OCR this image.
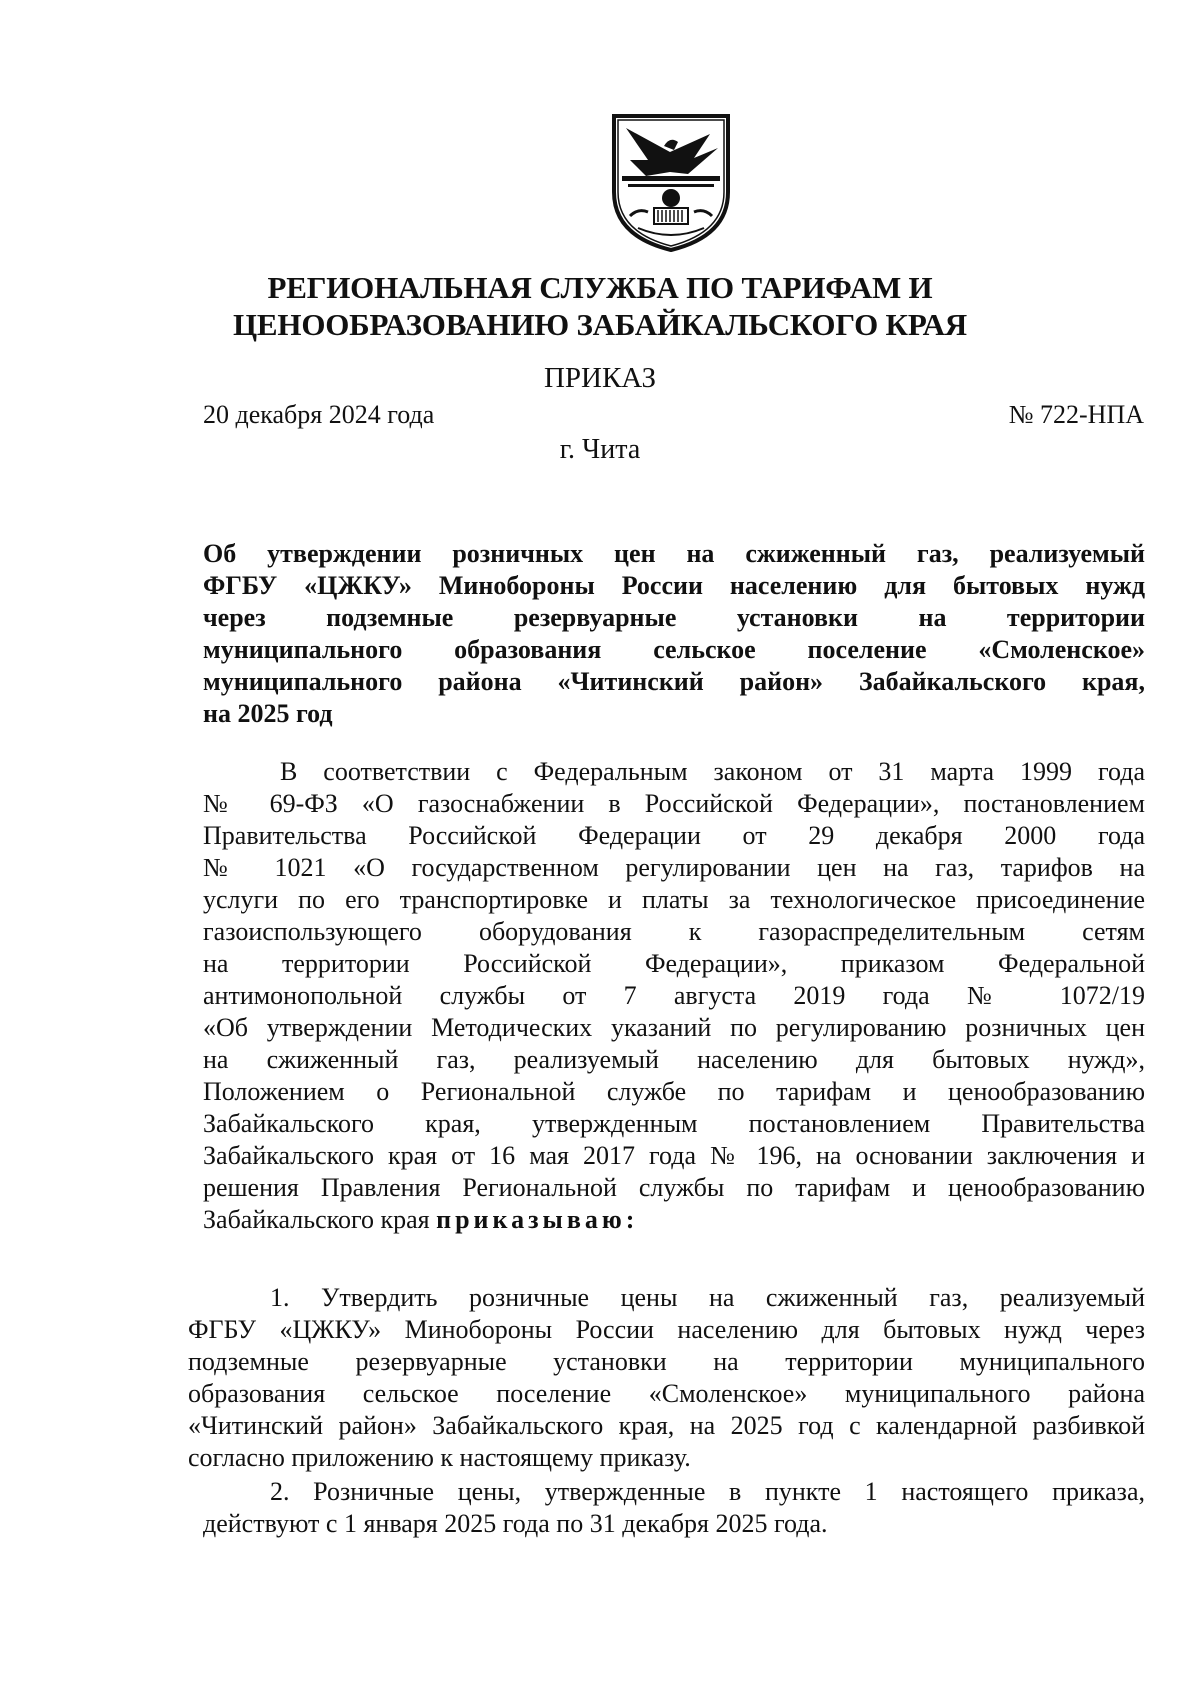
РЕГИОНАЛЬНАЯ СЛУЖБА ПО ТАРИФАМ И
ЦЕНООБРАЗОВАНИЮ ЗАБАЙКАЛЬСКОГО КРАЯ
ПРИКАЗ
20 декабря 2024 года	№ 722-НПА
г. Чита
Об утверждении розничных цен на сжиженный газ, реализуемый
ФГБУ «ЦЖКУ» Минобороны России населению для бытовых нужд
через подземные резервуарные установки на территории
муниципального образования сельское поселение «Смоленское»
муниципального района «Читинский район» Забайкальского края,
на 2025 год
В соответствии с Федеральным законом от 31 марта 1999 года
№ 69-ФЗ «О газоснабжении в Российской Федерации», постановлением
Правительства Российской Федерации от 29 декабря 2000 года
№ 1021 «О государственном регулировании цен на газ, тарифов на
услуги по его транспортировке и платы за технологическое присоединение
газоиспользующего оборудования к газораспределительным сетям
на территории Российской Федерации», приказом Федеральной
антимонопольной службы от 7 августа 2019 года № 1072/19
«Об утверждении Методических указаний по регулированию розничных цен
на сжиженный газ, реализуемый населению для бытовых нужд»,
Положением о Региональной службе по тарифам и ценообразованию
Забайкальского края, утвержденным постановлением Правительства
Забайкальского края от 16 мая 2017 года № 196, на основании заключения и
решения Правления Региональной службы по тарифам и ценообразованию
Забайкальского края приказываю:
1. Утвердить розничные цены на сжиженный газ, реализуемый
ФГБУ «ЦЖКУ» Минобороны России населению для бытовых нужд через
подземные резервуарные установки на территории муниципального
образования сельское поселение «Смоленское» муниципального района
«Читинский район» Забайкальского края, на 2025 год с календарной разбивкой
согласно приложению к настоящему приказу.
2. Розничные цены, утвержденные в пункте 1 настоящего приказа,
действуют с 1 января 2025 года по 31 декабря 2025 года.
